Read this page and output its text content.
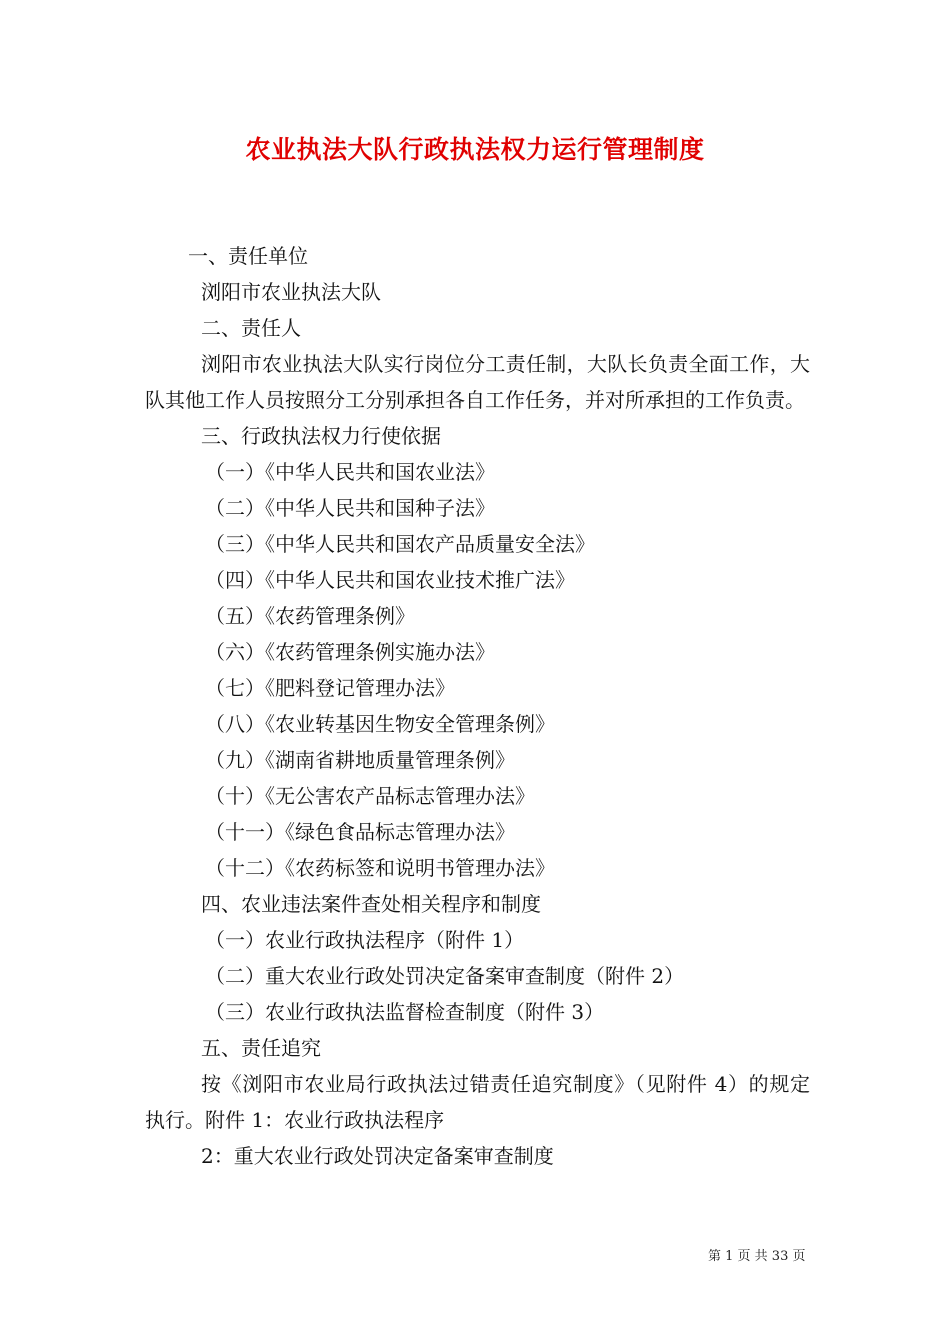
农业执法大队行政执法权力运行管理制度
一、责任单位
浏阳市农业执法大队
二、责任人
浏阳市农业执法大队实行岗位分工责任制，大队长负责全面工作，大队其他工作人员按照分工分别承担各自工作任务，并对所承担的工作负责。
三、行政执法权力行使依据
（一）《中华人民共和国农业法》
（二）《中华人民共和国种子法》
（三）《中华人民共和国农产品质量安全法》
（四）《中华人民共和国农业技术推广法》
（五）《农药管理条例》
（六）《农药管理条例实施办法》
（七）《肥料登记管理办法》
（八）《农业转基因生物安全管理条例》
（九）《湖南省耕地质量管理条例》
（十）《无公害农产品标志管理办法》
（十一）《绿色食品标志管理办法》
（十二）《农药标签和说明书管理办法》
四、农业违法案件查处相关程序和制度
（一）农业行政执法程序（附件 1）
（二）重大农业行政处罚决定备案审查制度（附件 2）
（三）农业行政执法监督检查制度（附件 3）
五、责任追究
按《浏阳市农业局行政执法过错责任追究制度》（见附件 4）的规定执行。附件 1：农业行政执法程序
2：重大农业行政处罚决定备案审查制度
第 1 页 共 33 页
